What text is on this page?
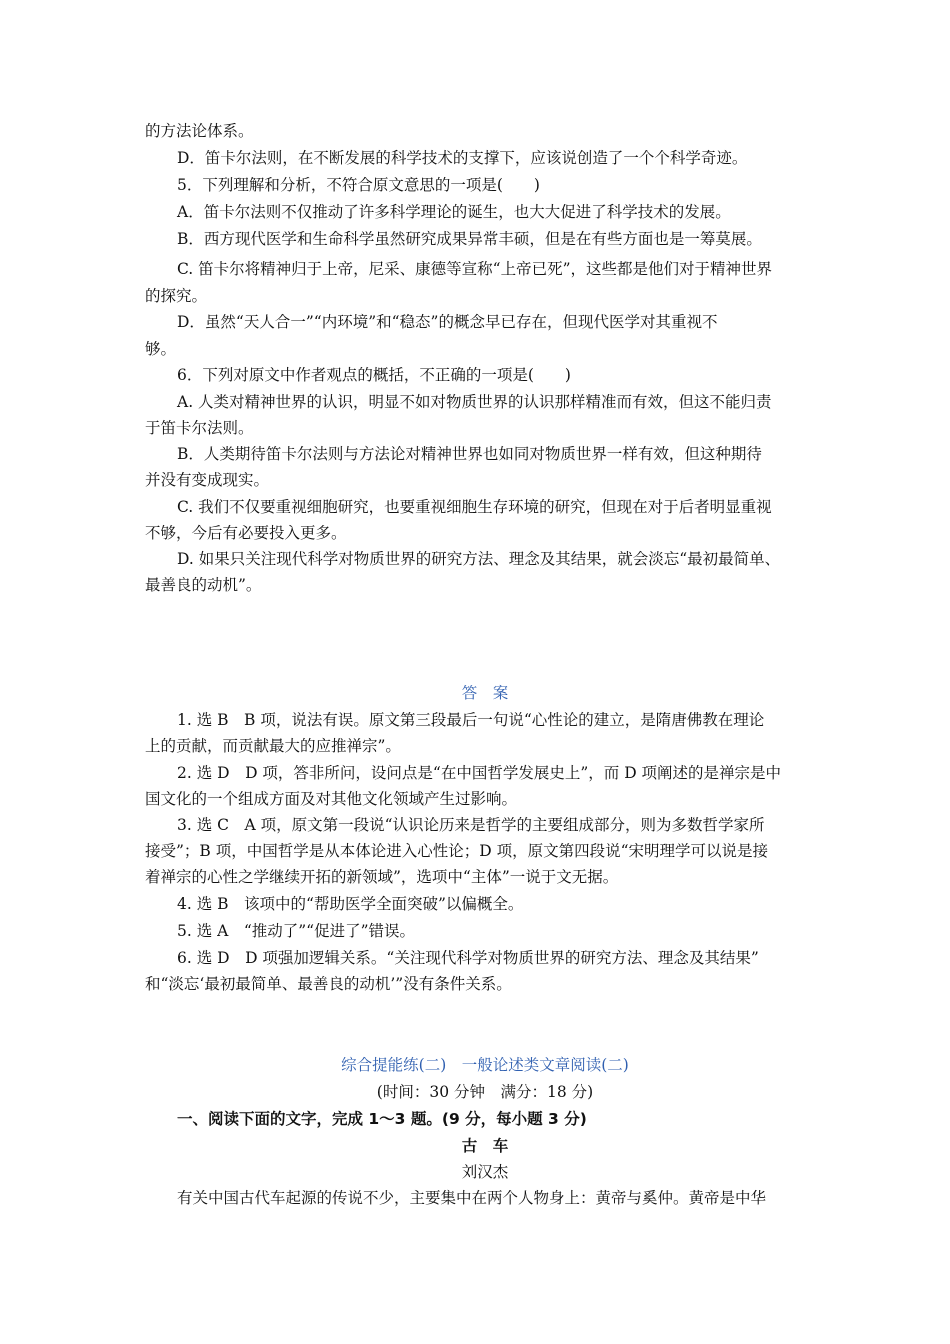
的方法论体系。
D．笛卡尔法则，在不断发展的科学技术的支撑下，应该说创造了一个个科学奇迹。
5．下列理解和分析，不符合原文意思的一项是(　　)
A．笛卡尔法则不仅推动了许多科学理论的诞生，也大大促进了科学技术的发展。
B．西方现代医学和生命科学虽然研究成果异常丰硕，但是在有些方面也是一筹莫展。
C. 笛卡尔将精神归于上帝，尼采、康德等宣称“上帝已死”，这些都是他们对于精神世界
的探究。
D．虽然“天人合一”“内环境”和“稳态”的概念早已存在，但现代医学对其重视不
够。
6．下列对原文中作者观点的概括，不正确的一项是(　　)
A. 人类对精神世界的认识，明显不如对物质世界的认识那样精准而有效，但这不能归责
于笛卡尔法则。
B．人类期待笛卡尔法则与方法论对精神世界也如同对物质世界一样有效，但这种期待
并没有变成现实。
C. 我们不仅要重视细胞研究，也要重视细胞生存环境的研究，但现在对于后者明显重视
不够，今后有必要投入更多。
D. 如果只关注现代科学对物质世界的研究方法、理念及其结果，就会淡忘“最初最简单、
最善良的动机”。
答　案
1. 选 B　B 项，说法有误。原文第三段最后一句说“心性论的建立，是隋唐佛教在理论
上的贡献，而贡献最大的应推禅宗”。
2. 选 D　D 项，答非所问，设问点是“在中国哲学发展史上”，而 D 项阐述的是禅宗是中
国文化的一个组成方面及对其他文化领域产生过影响。
3. 选 C　A 项，原文第一段说“认识论历来是哲学的主要组成部分，则为多数哲学家所
接受”；B 项，中国哲学是从本体论进入心性论；D 项，原文第四段说“宋明理学可以说是接
着禅宗的心性之学继续开拓的新领域”，选项中“主体”一说于文无据。
4. 选 B　该项中的“帮助医学全面突破”以偏概全。
5. 选 A　“推动了”“促进了”错误。
6. 选 D　D 项强加逻辑关系。“关注现代科学对物质世界的研究方法、理念及其结果”
和“淡忘‘最初最简单、最善良的动机’”没有条件关系。
综合提能练(二)　一般论述类文章阅读(二)
(时间：30 分钟　满分：18 分)
一、阅读下面的文字，完成 1～3 题。(9 分，每小题 3 分)
古　车
刘汉杰
有关中国古代车起源的传说不少，主要集中在两个人物身上：黄帝与奚仲。黄帝是中华
